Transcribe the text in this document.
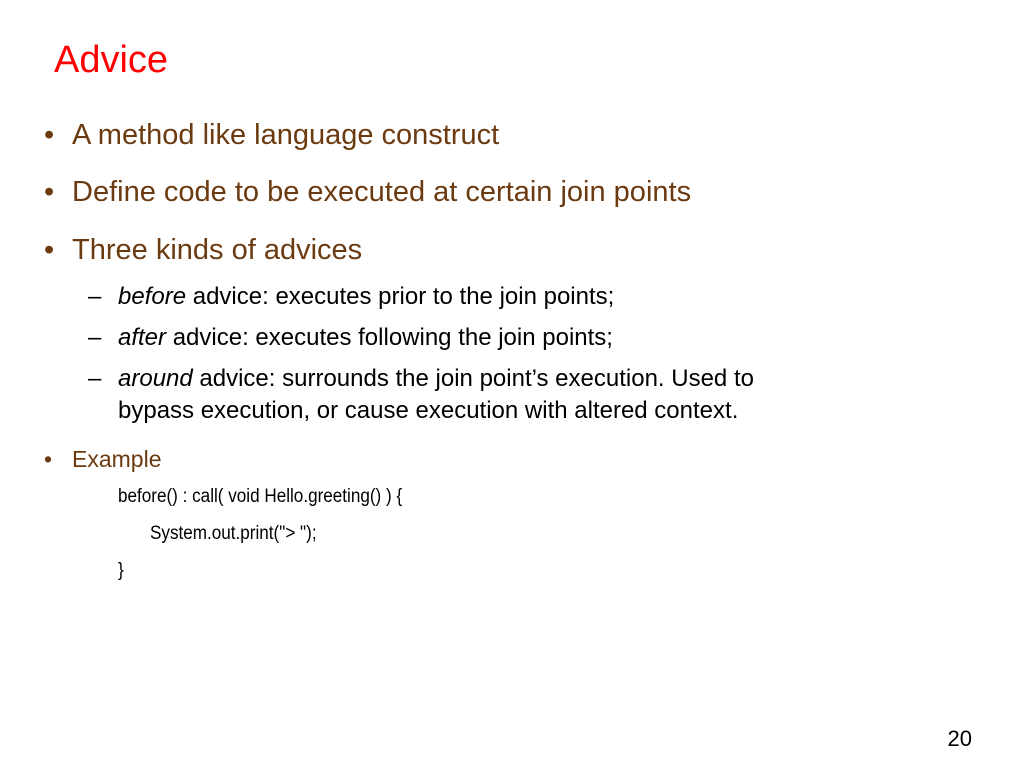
Advice
• A method like language construct
• Define code to be executed at certain join points
• Three kinds of advices
– before advice: executes prior to the join points;
– after advice: executes following the join points;
– around advice: surrounds the join point’s execution. Used to
bypass execution, or cause execution with altered context.
• Example
before() : call( void Hello.greeting() ) {
System.out.print("> ");
}
20
